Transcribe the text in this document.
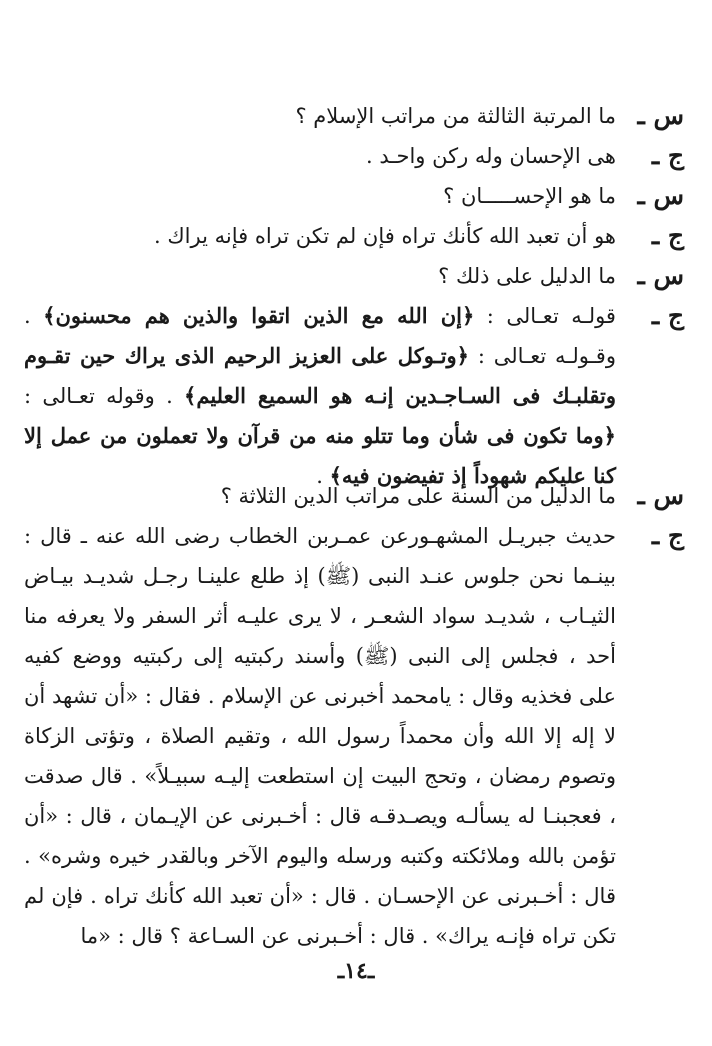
س ـ
ما المرتبة الثالثة من مراتب الإسلام ؟
ج ـ
هى الإحسان وله ركن واحـد .
س ـ
ما هو الإحســـــان ؟
ج ـ
هو أن تعبد الله كأنك تراه فإن لم تكن تراه فإنه يراك .
س ـ
ما الدليل على ذلك ؟
ج ـ
قولـه تعـالى : ﴿إن الله مع الذين اتقوا والذين هم محسنون﴾ . وقـولـه تعـالى : ﴿وتـوكل على العزيز الرحيم الذى يراك حين تقـوم وتقلبـك فى السـاجـدين إنـه هو السميع العليم﴾ . وقوله تعـالى : ﴿وما تكون فى شأن وما تتلو منه من قرآن ولا تعملون من عمل إلا كنا عليكم شهوداً إذ تفيضون فيه﴾ .
س ـ
ما الدليل من السنة على مراتب الدين الثلاثة ؟
ج ـ
حديث جبريـل المشهـورعن عمـربن الخطاب رضى الله عنه ـ قال : بينـما نحن جلوس عنـد النبى (ﷺ) إذ طلع علينـا رجـل شديـد بيـاض الثيـاب ، شديـد سواد الشعـر ، لا يرى عليـه أثر السفر ولا يعرفه منا أحد ، فجلس إلى النبى (ﷺ) وأسند ركبتيه إلى ركبتيه ووضع كفيه على فخذيه وقال : يامحمد أخبرنى عن الإسلام . فقال : «أن تشهد أن لا إله إلا الله وأن محمداً رسول الله ، وتقيم الصلاة ، وتؤتى الزكاة وتصوم رمضان ، وتحج البيت إن استطعت إليـه سبيـلاً» . قال صدقت ، فعجبنـا له يسألـه ويصـدقـه قال : أخـبرنى عن الإيـمان ، قال : «أن تؤمن بالله وملائكته وكتبه ورسله واليوم الآخر وبالقدر خيره وشره» . قال : أخـبرنى عن الإحسـان . قال : «أن تعبد الله كأنك تراه . فإن لم تكن تراه فإنـه يراك» . قال : أخـبرنى عن السـاعة ؟ قال : «ما
ـ١٤ـ
